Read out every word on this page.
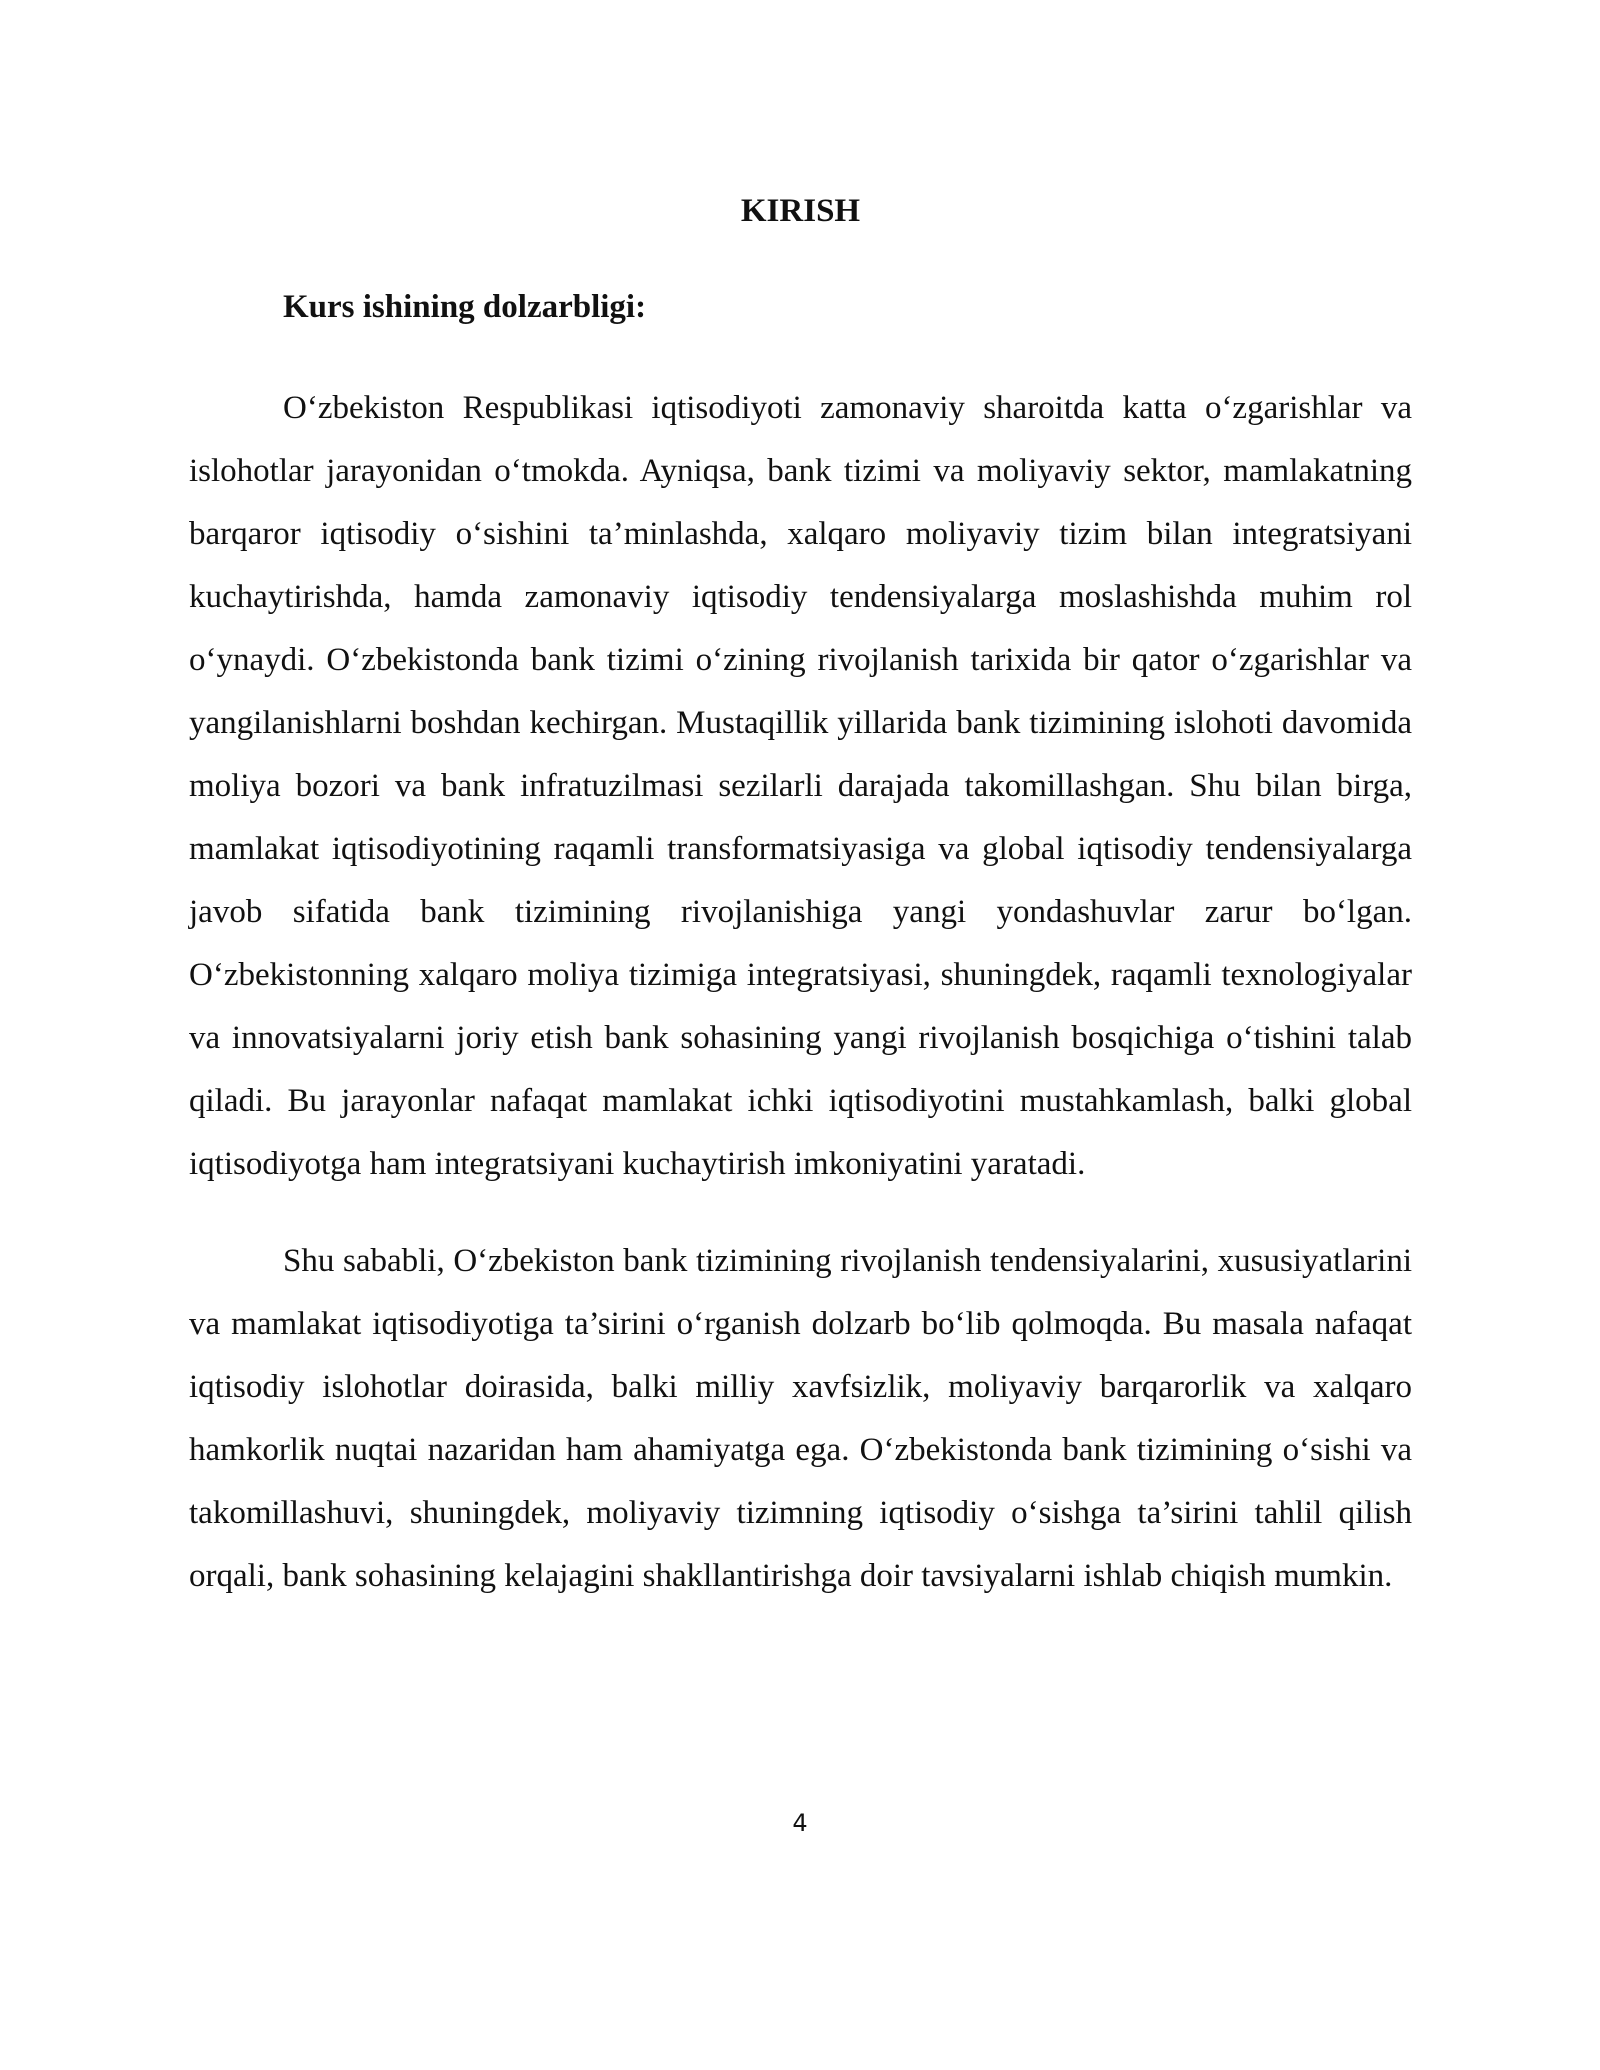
KIRISH
Kurs ishining dolzarbligi:

O‘zbekiston Respublikasi iqtisodiyoti zamonaviy sharoitda katta o‘zgarishlar va islohotlar jarayonidan o‘tmokda. Ayniqsa, bank tizimi va moliyaviy sektor, mamlakatning barqaror iqtisodiy o‘sishini ta’minlashda, xalqaro moliyaviy tizim bilan integratsiyani kuchaytirishda, hamda zamonaviy iqtisodiy tendensiyalarga moslashishda muhim rol o‘ynaydi. O‘zbekistonda bank tizimi o‘zining rivojlanish tarixida bir qator o‘zgarishlar va yangilanishlarni boshdan kechirgan. Mustaqillik yillarida bank tizimining islohoti davomida moliya bozori va bank infratuzilmasi sezilarli darajada takomillashgan. Shu bilan birga, mamlakat iqtisodiyotining raqamli transformatsiyasiga va global iqtisodiy tendensiyalarga javob sifatida bank tizimining rivojlanishiga yangi yondashuvlar zarur bo‘lgan. O‘zbekistonning xalqaro moliya tizimiga integratsiyasi, shuningdek, raqamli texnologiyalar va innovatsiyalarni joriy etish bank sohasining yangi rivojlanish bosqichiga o‘tishini talab qiladi. Bu jarayonlar nafaqat mamlakat ichki iqtisodiyotini mustahkamlash, balki global iqtisodiyotga ham integratsiyani kuchaytirish imkoniyatini yaratadi.

Shu sababli, O‘zbekiston bank tizimining rivojlanish tendensiyalarini, xususiyatlarini va mamlakat iqtisodiyotiga ta’sirini o‘rganish dolzarb bo‘lib qolmoqda. Bu masala nafaqat iqtisodiy islohotlar doirasida, balki milliy xavfsizlik, moliyaviy barqarorlik va xalqaro hamkorlik nuqtai nazaridan ham ahamiyatga ega. O‘zbekistonda bank tizimining o‘sishi va takomillashuvi, shuningdek, moliyaviy tizimning iqtisodiy o‘sishga ta’sirini tahlil qilish orqali, bank sohasining kelajagini shakllantirishga doir tavsiyalarni ishlab chiqish mumkin.

4
